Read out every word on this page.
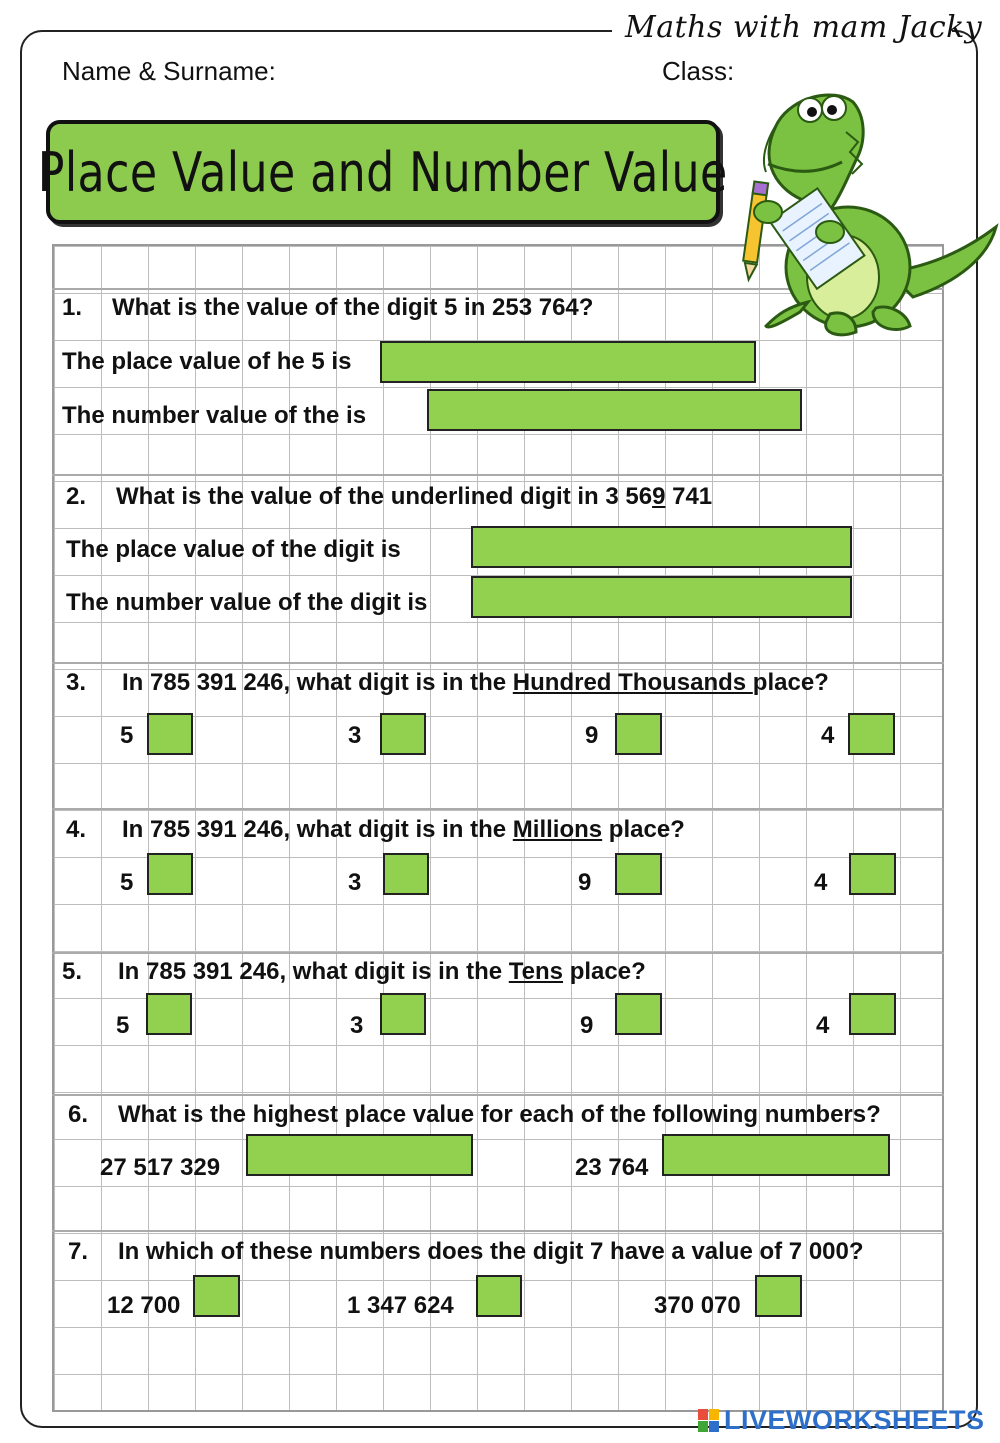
Maths with mam Jacky
Name & Surname:	Class:
Place Value and Number Value
1. What is the value of the digit 5 in 253 764?
The place value of he 5 is
The number value of the is
2. What is the value of the underlined digit in 3 569 741
The place value of the digit is
The number value of the digit is
3. In 785 391 246, what digit is in the Hundred Thousands place?
5	3	9	4
4. In 785 391 246, what digit is in the Millions place?
5	3	9	4
5. In 785 391 246, what digit is in the Tens place?
5	3	9	4
6. What is the highest place value for each of the following numbers?
27 517 329	23 764
7. In which of these numbers does the digit 7 have a value of 7 000?
12 700	1 347 624	370 070
LIVEWORKSHEETS
